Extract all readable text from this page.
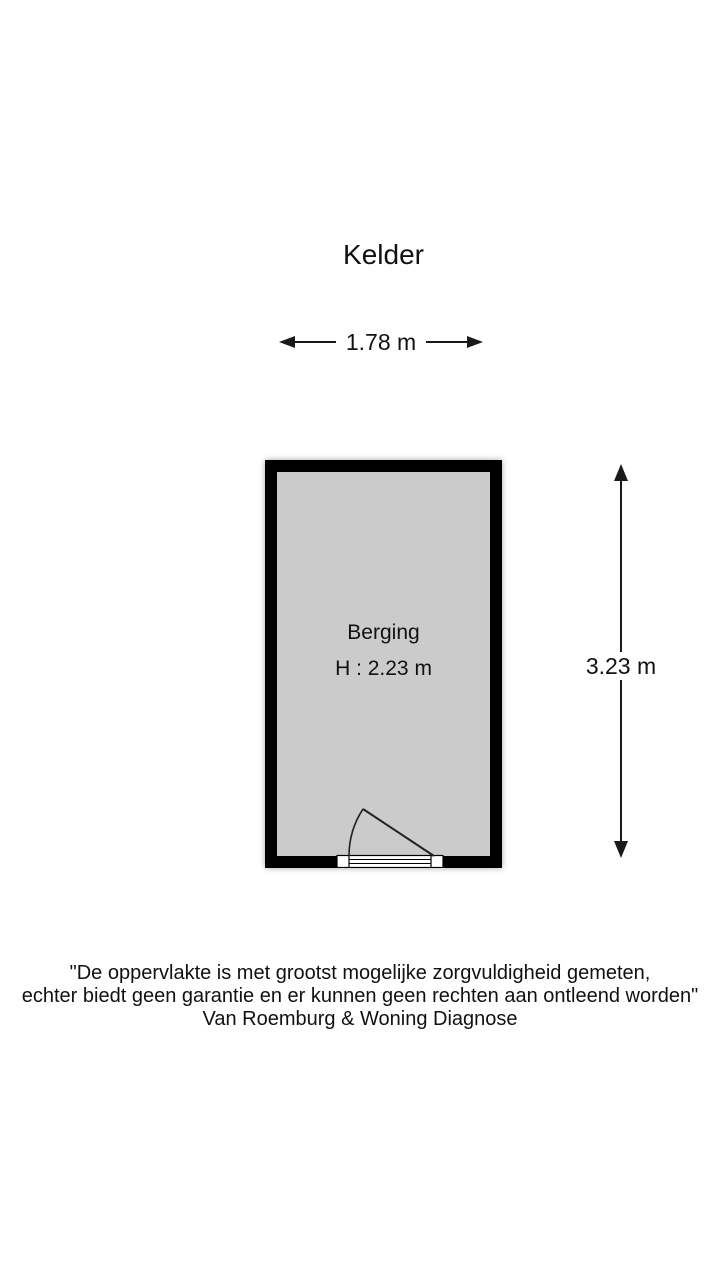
Kelder
1.78 m
Berging
H : 2.23 m	3.23 m
"De oppervlakte is met grootst mogelijke zorgvuldigheid gemeten,
echter biedt geen garantie en er kunnen geen rechten aan ontleend worden"
Van Roemburg & Woning Diagnose
